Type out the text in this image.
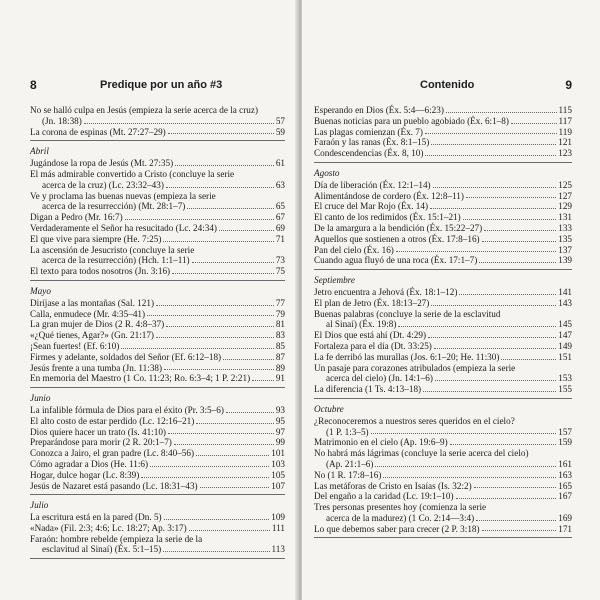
8	Predique por un año #3
No se halló culpa en Jesús (empieza la serie acerca de la cruz)
(Jn. 18:38)	57
La corona de espinas (Mt. 27:27–29)	59
Abril
Jugándose la ropa de Jesús (Mt. 27:35)	61
El más admirable convertido a Cristo (concluye la serie
acerca de la cruz) (Lc. 23:32–43)	63
Ve y proclama las buenas nuevas (empieza la serie
acerca de la resurrección) (Mt. 28:1–7)	65
Digan a Pedro (Mr. 16:7)	67
Verdaderamente el Señor ha resucitado (Lc. 24:34)	69
El que vive para siempre (He. 7:25)	71
La ascensión de Jesucristo (concluye la serie
acerca de la resurrección) (Hch. 1:1–11)	73
El texto para todos nosotros (Jn. 3:16)	75
Mayo
Diríjase a las montañas (Sal. 121)	77
Calla, enmudece (Mr. 4:35–41)	79
La gran mujer de Dios (2 R. 4:8–37)	81
«¿Qué tienes, Agar?» (Gn. 21:17)	83
¡Sean fuertes! (Ef. 6:10)	85
Firmes y adelante, soldados del Señor (Ef. 6:12–18)	87
Jesús frente a una tumba (Jn. 11:38)	89
En memoria del Maestro (1 Co. 11:23; Ro. 6:3–4; 1 P. 2:21)	91
Junio
La infalible fórmula de Dios para el éxito (Pr. 3:5–6)	93
El alto costo de estar perdido (Lc. 12:16–21)	95
Dios quiere hacer un trato (Is. 41:10)	97
Preparándose para morir (2 R. 20:1–7)	99
Conozca a Jairo, el gran padre (Lc. 8:40–56)	101
Cómo agradar a Dios (He. 11:6)	103
Hogar, dulce hogar (Lc. 8:39)	105
Jesús de Nazaret está pasando (Lc. 18:31–43)	107
Julio
La escritura está en la pared (Dn. 5)	109
«Nada» (Fil. 2:3; 4:6; Lc. 18:27; Ap. 3:17)	111
Faraón: hombre rebelde (empieza la serie de la
esclavitud al Sinaí) (Éx. 5:1–15)	113
Contenido	9
Esperando en Dios (Éx. 5:4—6:23)	115
Buenas noticias para un pueblo agobiado (Éx. 6:1–8)	117
Las plagas comienzan (Éx. 7)	119
Faraón y las ranas (Éx. 8:1–15)	121
Condescendencias (Éx. 8, 10)	123
Agosto
Día de liberación (Éx. 12:1–14)	125
Alimentándose de cordero (Éx. 12:8–11)	127
El cruce del Mar Rojo (Éx. 14)	129
El canto de los redimidos (Éx. 15:1–21)	131
De la amargura a la bendición (Éx. 15:22–27)	133
Aquellos que sostienen a otros (Éx. 17:8–16)	135
Pan del cielo (Éx. 16)	137
Cuando agua fluyó de una roca (Éx. 17:1–7)	139
Septiembre
Jetro encuentra a Jehová (Éx. 18:1–12)	141
El plan de Jetro (Éx. 18:13–27)	143
Buenas palabras (concluye la serie de la esclavitud
al Sinaí) (Éx. 19:8)	145
El Dios que está ahí (Dt. 4:29)	147
Fortaleza para el día (Dt. 33:25)	149
La fe derribó las murallas (Jos. 6:1–20; He. 11:30)	151
Un pasaje para corazones atribulados (empieza la serie
acerca del cielo) (Jn. 14:1–6)	153
La diferencia (1 Ts. 4:13–18)	155
Octubre
¿Reconoceremos a nuestros seres queridos en el cielo?
(1 P. 1:3–5)	157
Matrimonio en el cielo (Ap. 19:6–9)	159
No habrá más lágrimas (concluye la serie acerca del cielo)
(Ap. 21:1–6)	161
No (1 R. 17:8–16)	163
Las metáforas de Cristo en Isaías (Is. 32:2)	165
Del engaño a la caridad (Lc. 19:1–10)	167
Tres personas presentes hoy (comienza la serie
acerca de la madurez) (1 Co. 2:14—3:4)	169
Lo que debemos saber para crecer (2 P. 3:18)	171
